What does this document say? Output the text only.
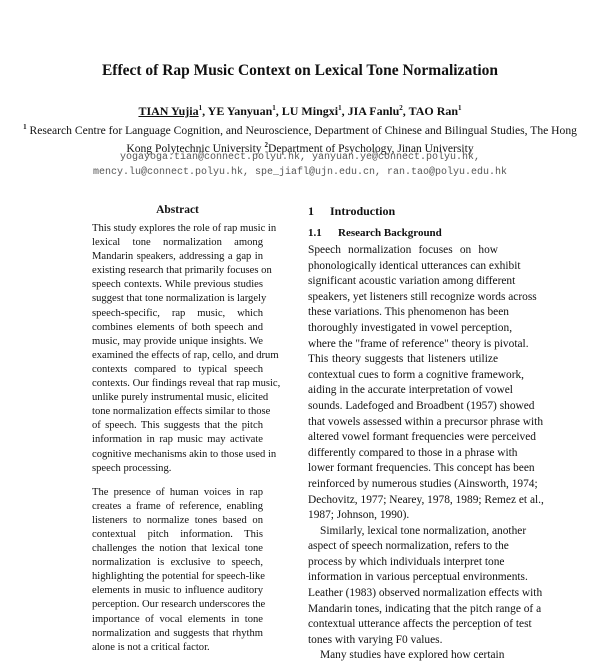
Effect of Rap Music Context on Lexical Tone Normalization
TIAN Yujia$^1$, YE Yanyuan$^1$, LU Mingxi$^1$, JIA Fanlu$^2$, TAO Ran$^1$
$^1$ Research Centre for Language Cognition, and Neuroscience, Department of Chinese and Bilingual Studies, The Hong
Kong Polytechnic University $^2$Department of Psychology, Jinan University
yogayoga.tian@connect.polyu.hk, yanyuan.ye@connect.polyu.hk,
mency.lu@connect.polyu.hk, spe_jiafl@ujn.edu.cn, ran.tao@polyu.edu.hk
Abstract
This study explores the role of rap music in
lexical tone normalization among
Mandarin speakers, addressing a gap in
existing research that primarily focuses on
speech contexts. While previous studies
suggest that tone normalization is largely
speech-specific, rap music, which
combines elements of both speech and
music, may provide unique insights. We
examined the effects of rap, cello, and drum
contexts compared to typical speech
contexts. Our findings reveal that rap music,
unlike purely instrumental music, elicited
tone normalization effects similar to those
of speech. This suggests that the pitch
information in rap music may activate
cognitive mechanisms akin to those used in
speech processing.
The presence of human voices in rap
creates a frame of reference, enabling
listeners to normalize tones based on
contextual pitch information. This
challenges the notion that lexical tone
normalization is exclusive to speech,
highlighting the potential for speech-like
elements in music to influence auditory
perception. Our research underscores the
importance of vocal elements in tone
normalization and suggests that rhythm
alone is not a critical factor.
1 Introduction
1.1 Research Background
Speech normalization focuses on how
phonologically identical utterances can exhibit
significant acoustic variation among different
speakers, yet listeners still recognize words across
these variations. This phenomenon has been
thoroughly investigated in vowel perception,
where the "frame of reference" theory is pivotal.
This theory suggests that listeners utilize
contextual cues to form a cognitive framework,
aiding in the accurate interpretation of vowel
sounds. Ladefoged and Broadbent (1957) showed
that vowels assessed within a precursor phrase with
altered vowel formant frequencies were perceived
differently compared to those in a phrase with
lower formant frequencies. This concept has been
reinforced by numerous studies (Ainsworth, 1974;
Dechovitz, 1977; Nearey, 1978, 1989; Remez et al.,
1987; Johnson, 1990).
Similarly, lexical tone normalization, another
aspect of speech normalization, refers to the
process by which individuals interpret tone
information in various perceptual environments.
Leather (1983) observed normalization effects with
Mandarin tones, indicating that the pitch range of a
contextual utterance affects the perception of test
tones with varying F0 values.
Many studies have explored how certain
